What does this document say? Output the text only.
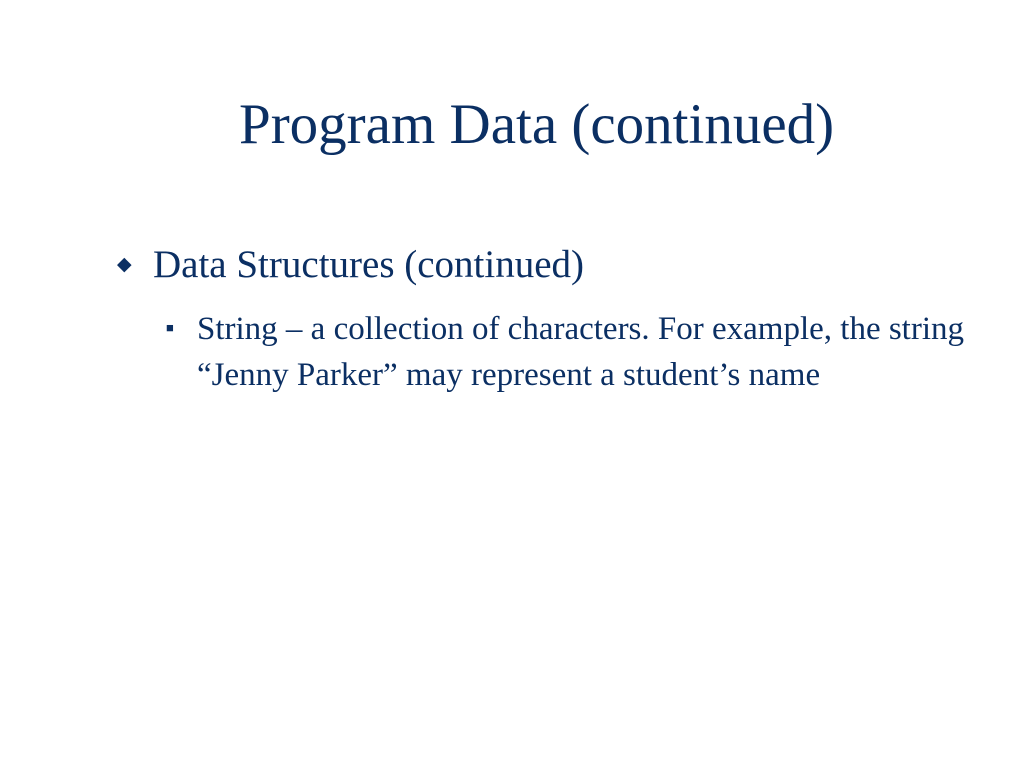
Program Data (continued)
◆ Data Structures (continued)
■ String – a collection of characters. For example, the string “Jenny Parker” may represent a student’s name
